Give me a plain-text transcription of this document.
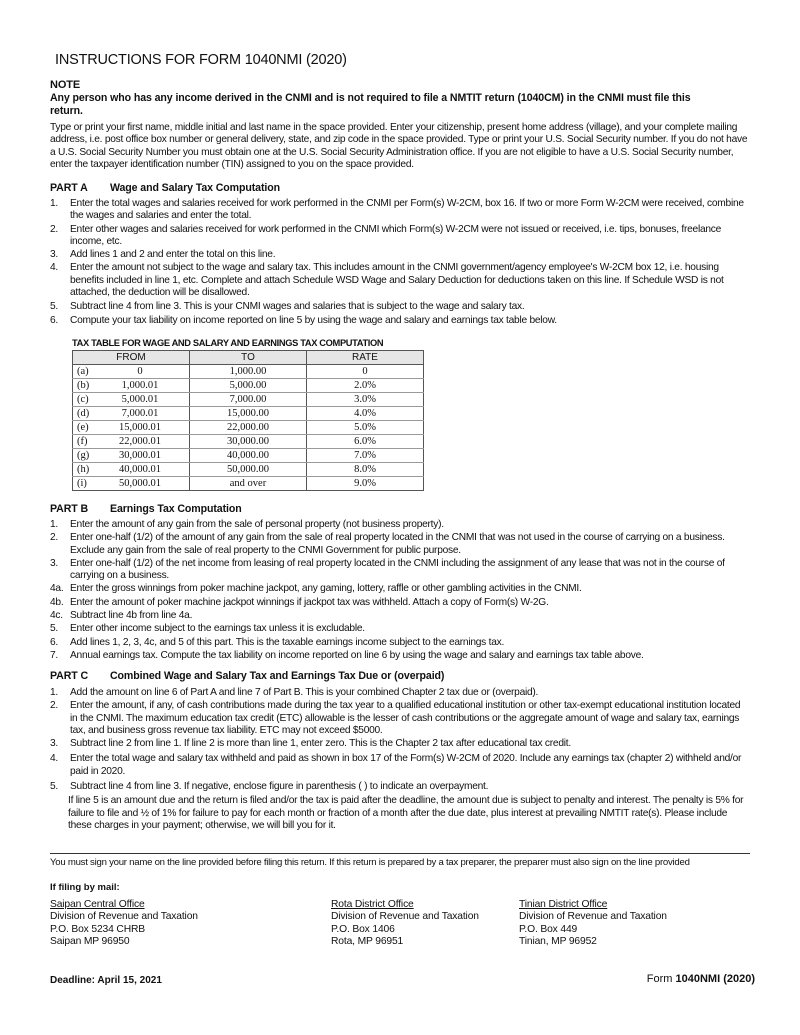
INSTRUCTIONS FOR FORM 1040NMI (2020)
NOTE
Any person who has any income derived in the CNMI and is not required to file a NMTIT return (1040CM) in the CNMI must file this return.
Type or print your first name, middle initial and last name in the space provided. Enter your citizenship, present home address (village), and your complete mailing address, i.e. post office box number or general delivery, state, and zip code in the space provided. Type or print your U.S. Social Security number. If you do not have a U.S. Social Security Number you must obtain one at the U.S. Social Security Administration office. If you are not eligible to have a U.S. Social Security number, enter the taxpayer identification number (TIN) assigned to you on the space provided.
PART A Wage and Salary Tax Computation
1. Enter the total wages and salaries received for work performed in the CNMI per Form(s) W-2CM, box 16. If two or more Form W-2CM were received, combine the wages and salaries and enter the total.
2. Enter other wages and salaries received for work performed in the CNMI which Form(s) W-2CM were not issued or received, i.e. tips, bonuses, freelance income, etc.
3. Add lines 1 and 2 and enter the total on this line.
4. Enter the amount not subject to the wage and salary tax. This includes amount in the CNMI government/agency employee's W-2CM box 12, i.e. housing benefits included in line 1, etc. Complete and attach Schedule WSD Wage and Salary Deduction for deductions taken on this line. If Schedule WSD is not attached, the deduction will be disallowed.
5. Subtract line 4 from line 3. This is your CNMI wages and salaries that is subject to the wage and salary tax.
6. Compute your tax liability on income reported on line 5 by using the wage and salary and earnings tax table below.
TAX TABLE FOR WAGE AND SALARY AND EARNINGS TAX COMPUTATION
FROM	TO	RATE
(a) 0	1,000.00	0
(b) 1,000.01	5,000.00	2.0%
(c) 5,000.01	7,000.00	3.0%
(d) 7,000.01	15,000.00	4.0%
(e) 15,000.01	22,000.00	5.0%
(f) 22,000.01	30,000.00	6.0%
(g) 30,000.01	40,000.00	7.0%
(h) 40,000.01	50,000.00	8.0%
(i) 50,000.01	and over	9.0%
PART B Earnings Tax Computation
1. Enter the amount of any gain from the sale of personal property (not business property).
2. Enter one-half (1/2) of the amount of any gain from the sale of real property located in the CNMI that was not used in the course of carrying on a business. Exclude any gain from the sale of real property to the CNMI Government for public purpose.
3. Enter one-half (1/2) of the net income from leasing of real property located in the CNMI including the assignment of any lease that was not in the course of carrying on a business.
4a. Enter the gross winnings from poker machine jackpot, any gaming, lottery, raffle or other gambling activities in the CNMI.
4b. Enter the amount of poker machine jackpot winnings if jackpot tax was withheld. Attach a copy of Form(s) W-2G.
4c. Subtract line 4b from line 4a.
5. Enter other income subject to the earnings tax unless it is excludable.
6. Add lines 1, 2, 3, 4c, and 5 of this part. This is the taxable earnings income subject to the earnings tax.
7. Annual earnings tax. Compute the tax liability on income reported on line 6 by using the wage and salary and earnings tax table above.
PART C Combined Wage and Salary Tax and Earnings Tax Due or (overpaid)
1. Add the amount on line 6 of Part A and line 7 of Part B. This is your combined Chapter 2 tax due or (overpaid).
2. Enter the amount, if any, of cash contributions made during the tax year to a qualified educational institution or other tax-exempt educational institution located in the CNMI. The maximum education tax credit (ETC) allowable is the lesser of cash contributions or the aggregate amount of wage and salary tax, earnings tax, and business gross revenue tax liability. ETC may not exceed $5000.
3. Subtract line 2 from line 1. If line 2 is more than line 1, enter zero. This is the Chapter 2 tax after educational tax credit.
4. Enter the total wage and salary tax withheld and paid as shown in box 17 of the Form(s) W-2CM of 2020. Include any earnings tax (chapter 2) withheld and/or paid in 2020.
5. Subtract line 4 from line 3. If negative, enclose figure in parenthesis ( ) to indicate an overpayment.
If line 5 is an amount due and the return is filed and/or the tax is paid after the deadline, the amount due is subject to penalty and interest. The penalty is 5% for failure to file and ½ of 1% for failure to pay for each month or fraction of a month after the due date, plus interest at prevailing NMTIT rate(s). Please include these charges in your payment; otherwise, we will bill you for it.
You must sign your name on the line provided before filing this return. If this return is prepared by a tax preparer, the preparer must also sign on the line provided
If filing by mail:
Saipan Central Office
Division of Revenue and Taxation
P.O. Box 5234 CHRB
Saipan MP 96950
Rota District Office
Division of Revenue and Taxation
P.O. Box 1406
Rota, MP 96951
Tinian District Office
Division of Revenue and Taxation
P.O. Box 449
Tinian, MP 96952
Deadline: April 15, 2021	Form 1040NMI (2020)
